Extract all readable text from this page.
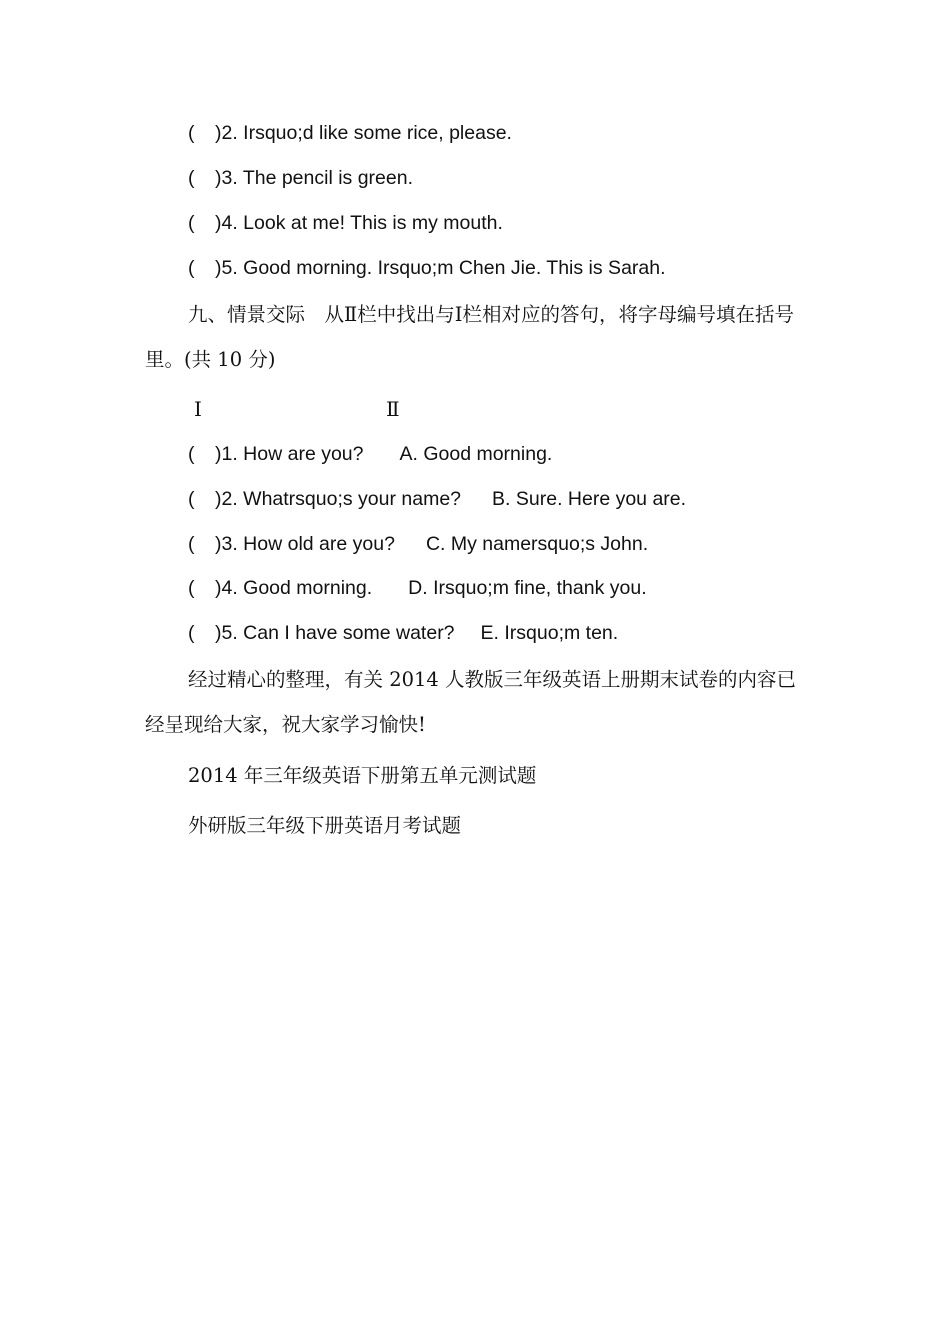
( )2. Irsquo;d like some rice, please.
( )3. The pencil is green.
( )4. Look at me! This is my mouth.
( )5. Good morning. Irsquo;m Chen Jie. This is Sarah.
九、情景交际　从Ⅱ栏中找出与Ⅰ栏相对应的答句，将字母编号填在括号里。(共 10 分)
Ⅰ	Ⅱ
( )1. How are you? A. Good morning.
( )2. Whatrsquo;s your name? B. Sure. Here you are.
( )3. How old are you? C. My namersquo;s John.
( )4. Good morning. D. Irsquo;m fine, thank you.
( )5. Can I have some water? E. Irsquo;m ten.
经过精心的整理，有关 2014 人教版三年级英语上册期末试卷的内容已经呈现给大家，祝大家学习愉快!
2014 年三年级英语下册第五单元测试题
外研版三年级下册英语月考试题
